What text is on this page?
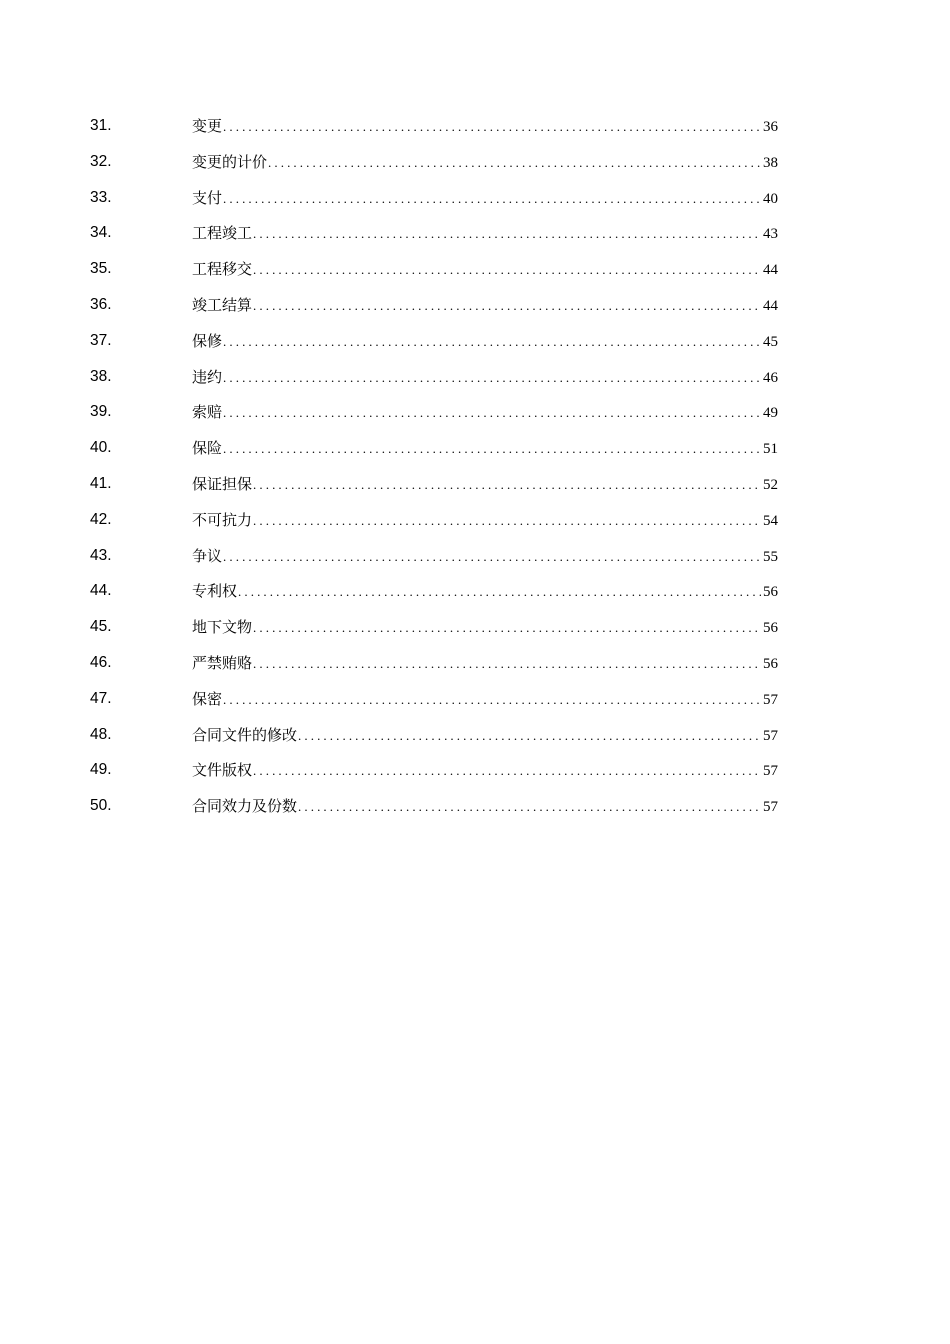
31.	变更 .....	36
32.	变更的计价 .....	38
33.	支付 .....	40
34.	工程竣工 .....	43
35.	工程移交 .....	44
36.	竣工结算 .....	44
37.	保修 .....	45
38.	违约 .....	46
39.	索赔 .....	49
40.	保险 .....	51
41.	保证担保 .....	52
42.	不可抗力 .....	54
43.	争议 .....	55
44.	专利权 .....	56
45.	地下文物 .....	56
46.	严禁贿赂 .....	56
47.	保密 .....	57
48.	合同文件的修改 .....	57
49.	文件版权 .....	57
50.	合同效力及份数 .....	57
